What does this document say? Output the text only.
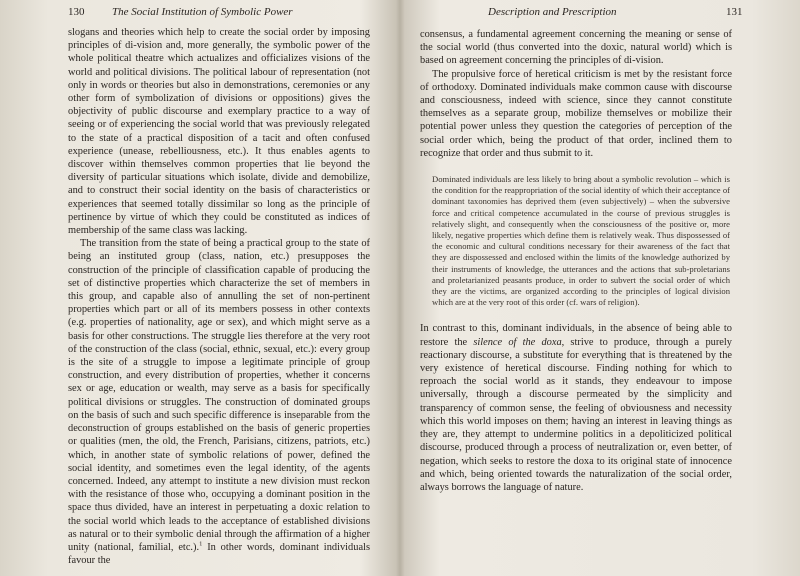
130	The Social Institution of Symbolic Power

slogans and theories which help to create the social order by imposing principles of di-vision and, more generally, the symbolic power of the whole political theatre which actualizes and officializes visions of the world and political divisions. The political labour of representation (not only in words or theories but also in demonstrations, ceremonies or any other form of symbolization of divisions or oppositions) gives the objectivity of public discourse and exemplary practice to a way of seeing or of experiencing the social world that was previously relegated to the state of a practical disposition of a tacit and often confused experience (unease, rebelliousness, etc.). It thus enables agents to discover within themselves common properties that lie beyond the diversity of particular situations which isolate, divide and demobilize, and to construct their social identity on the basis of characteristics or experiences that seemed totally dissimilar so long as the principle of pertinence by virtue of which they could be constituted as indices of membership of the same class was lacking.

The transition from the state of being a practical group to the state of being an instituted group (class, nation, etc.) presupposes the construction of the principle of classification capable of producing the set of distinctive properties which characterize the set of members in this group, and capable also of annulling the set of non-pertinent properties which part or all of its members possess in other contexts (e.g. properties of nationality, age or sex), and which might serve as a basis for other constructions. The struggle lies therefore at the very root of the construction of the class (social, ethnic, sexual, etc.): every group is the site of a struggle to impose a legitimate principle of group construction, and every distribution of properties, whether it concerns sex or age, education or wealth, may serve as a basis for specifically political divisions or struggles. The construction of dominated groups on the basis of such and such specific difference is inseparable from the deconstruction of groups established on the basis of generic properties or qualities (men, the old, the French, Parisians, citizens, patriots, etc.) which, in another state of symbolic relations of power, defined the social identity, and sometimes even the legal identity, of the agents concerned. Indeed, any attempt to institute a new division must reckon with the resistance of those who, occupying a dominant position in the space thus divided, have an interest in perpetuating a doxic relation to the social world which leads to the acceptance of established divisions as natural or to their symbolic denial through the affirmation of a higher unity (national, familial, etc.).$^1$ In other words, dominant individuals favour the

Description and Prescription	131

consensus, a fundamental agreement concerning the meaning or sense of the social world (thus converted into the doxic, natural world) which is based on agreement concerning the principles of di-vision.

The propulsive force of heretical criticism is met by the resistant force of orthodoxy. Dominated individuals make common cause with discourse and consciousness, indeed with science, since they cannot constitute themselves as a separate group, mobilize themselves or mobilize their potential power unless they question the categories of perception of the social order which, being the product of that order, inclined them to recognize that order and thus submit to it.

Dominated individuals are less likely to bring about a symbolic revolution – which is the condition for the reappropriation of the social identity of which their acceptance of dominant taxonomies has deprived them (even subjectively) – when the subversive force and critical competence accumulated in the course of previous struggles is relatively slight, and consequently when the consciousness of the positive or, more likely, negative properties which define them is relatively weak. Thus dispossessed of the economic and cultural conditions necessary for their awareness of the fact that they are dispossessed and enclosed within the limits of the knowledge authorized by their instruments of knowledge, the utterances and the actions that sub-proletarians and proletarianized peasants produce, in order to subvert the social order of which they are the victims, are organized according to the principles of logical division which are at the very root of this order (cf. wars of religion).

In contrast to this, dominant individuals, in the absence of being able to restore the silence of the doxa, strive to produce, through a purely reactionary discourse, a substitute for everything that is threatened by the very existence of heretical discourse. Finding nothing for which to reproach the social world as it stands, they endeavour to impose universally, through a discourse permeated by the simplicity and transparency of common sense, the feeling of obviousness and necessity which this world imposes on them; having an interest in leaving things as they are, they attempt to undermine politics in a depoliticized political discourse, produced through a process of neutralization or, even better, of negation, which seeks to restore the doxa to its original state of innocence and which, being oriented towards the naturalization of the social order, always borrows the language of nature.
